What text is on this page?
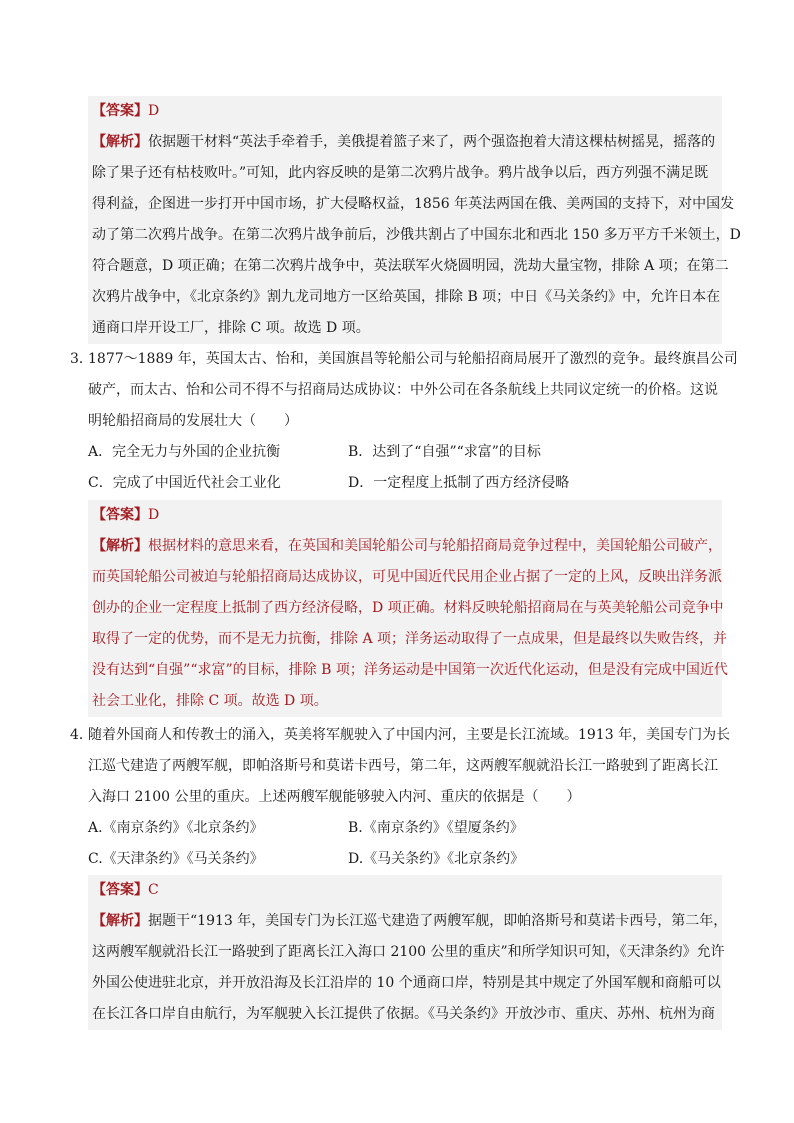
【答案】D
【解析】依据题干材料“英法手牵着手，美俄提着篮子来了，两个强盗抱着大清这棵枯树摇晃，摇落的
除了果子还有枯枝败叶。”可知，此内容反映的是第二次鸦片战争。鸦片战争以后，西方列强不满足既
得利益，企图进一步打开中国市场，扩大侵略权益，1856 年英法两国在俄、美两国的支持下，对中国发
动了第二次鸦片战争。在第二次鸦片战争前后，沙俄共割占了中国东北和西北 150 多万平方千米领土，D
符合题意，D 项正确；在第二次鸦片战争中，英法联军火烧圆明园，洗劫大量宝物，排除 A 项；在第二
次鸦片战争中，《北京条约》割九龙司地方一区给英国，排除 B 项；中日《马关条约》中，允许日本在
通商口岸开设工厂，排除 C 项。故选 D 项。
3．1877～1889 年，英国太古、怡和，美国旗昌等轮船公司与轮船招商局展开了激烈的竞争。最终旗昌公司
破产，而太古、怡和公司不得不与招商局达成协议：中外公司在各条航线上共同议定统一的价格。这说
明轮船招商局的发展壮大（　　）
A．完全无力与外国的企业抗衡	B．达到了“自强”“求富”的目标
C．完成了中国近代社会工业化	D．一定程度上抵制了西方经济侵略
【答案】D
【解析】根据材料的意思来看，在英国和美国轮船公司与轮船招商局竞争过程中，美国轮船公司破产，
而英国轮船公司被迫与轮船招商局达成协议，可见中国近代民用企业占据了一定的上风，反映出洋务派
创办的企业一定程度上抵制了西方经济侵略，D 项正确。材料反映轮船招商局在与英美轮船公司竞争中
取得了一定的优势，而不是无力抗衡，排除 A 项；洋务运动取得了一点成果，但是最终以失败告终，并
没有达到“自强”“求富”的目标，排除 B 项；洋务运动是中国第一次近代化运动，但是没有完成中国近代
社会工业化，排除 C 项。故选 D 项。
4．随着外国商人和传教士的涌入，英美将军舰驶入了中国内河，主要是长江流域。1913 年，美国专门为长
江巡弋建造了两艘军舰，即帕洛斯号和莫诺卡西号，第二年，这两艘军舰就沿长江一路驶到了距离长江
入海口 2100 公里的重庆。上述两艘军舰能够驶入内河、重庆的依据是（　　）
A.《南京条约》《北京条约》	B.《南京条约》《望厦条约》
C.《天津条约》《马关条约》	D.《马关条约》《北京条约》
【答案】C
【解析】据题干“1913 年，美国专门为长江巡弋建造了两艘军舰，即帕洛斯号和莫诺卡西号，第二年，
这两艘军舰就沿长江一路驶到了距离长江入海口 2100 公里的重庆”和所学知识可知，《天津条约》允许
外国公使进驻北京，并开放沿海及长江沿岸的 10 个通商口岸，特别是其中规定了外国军舰和商船可以
在长江各口岸自由航行，为军舰驶入长江提供了依据。《马关条约》开放沙市、重庆、苏州、杭州为商
